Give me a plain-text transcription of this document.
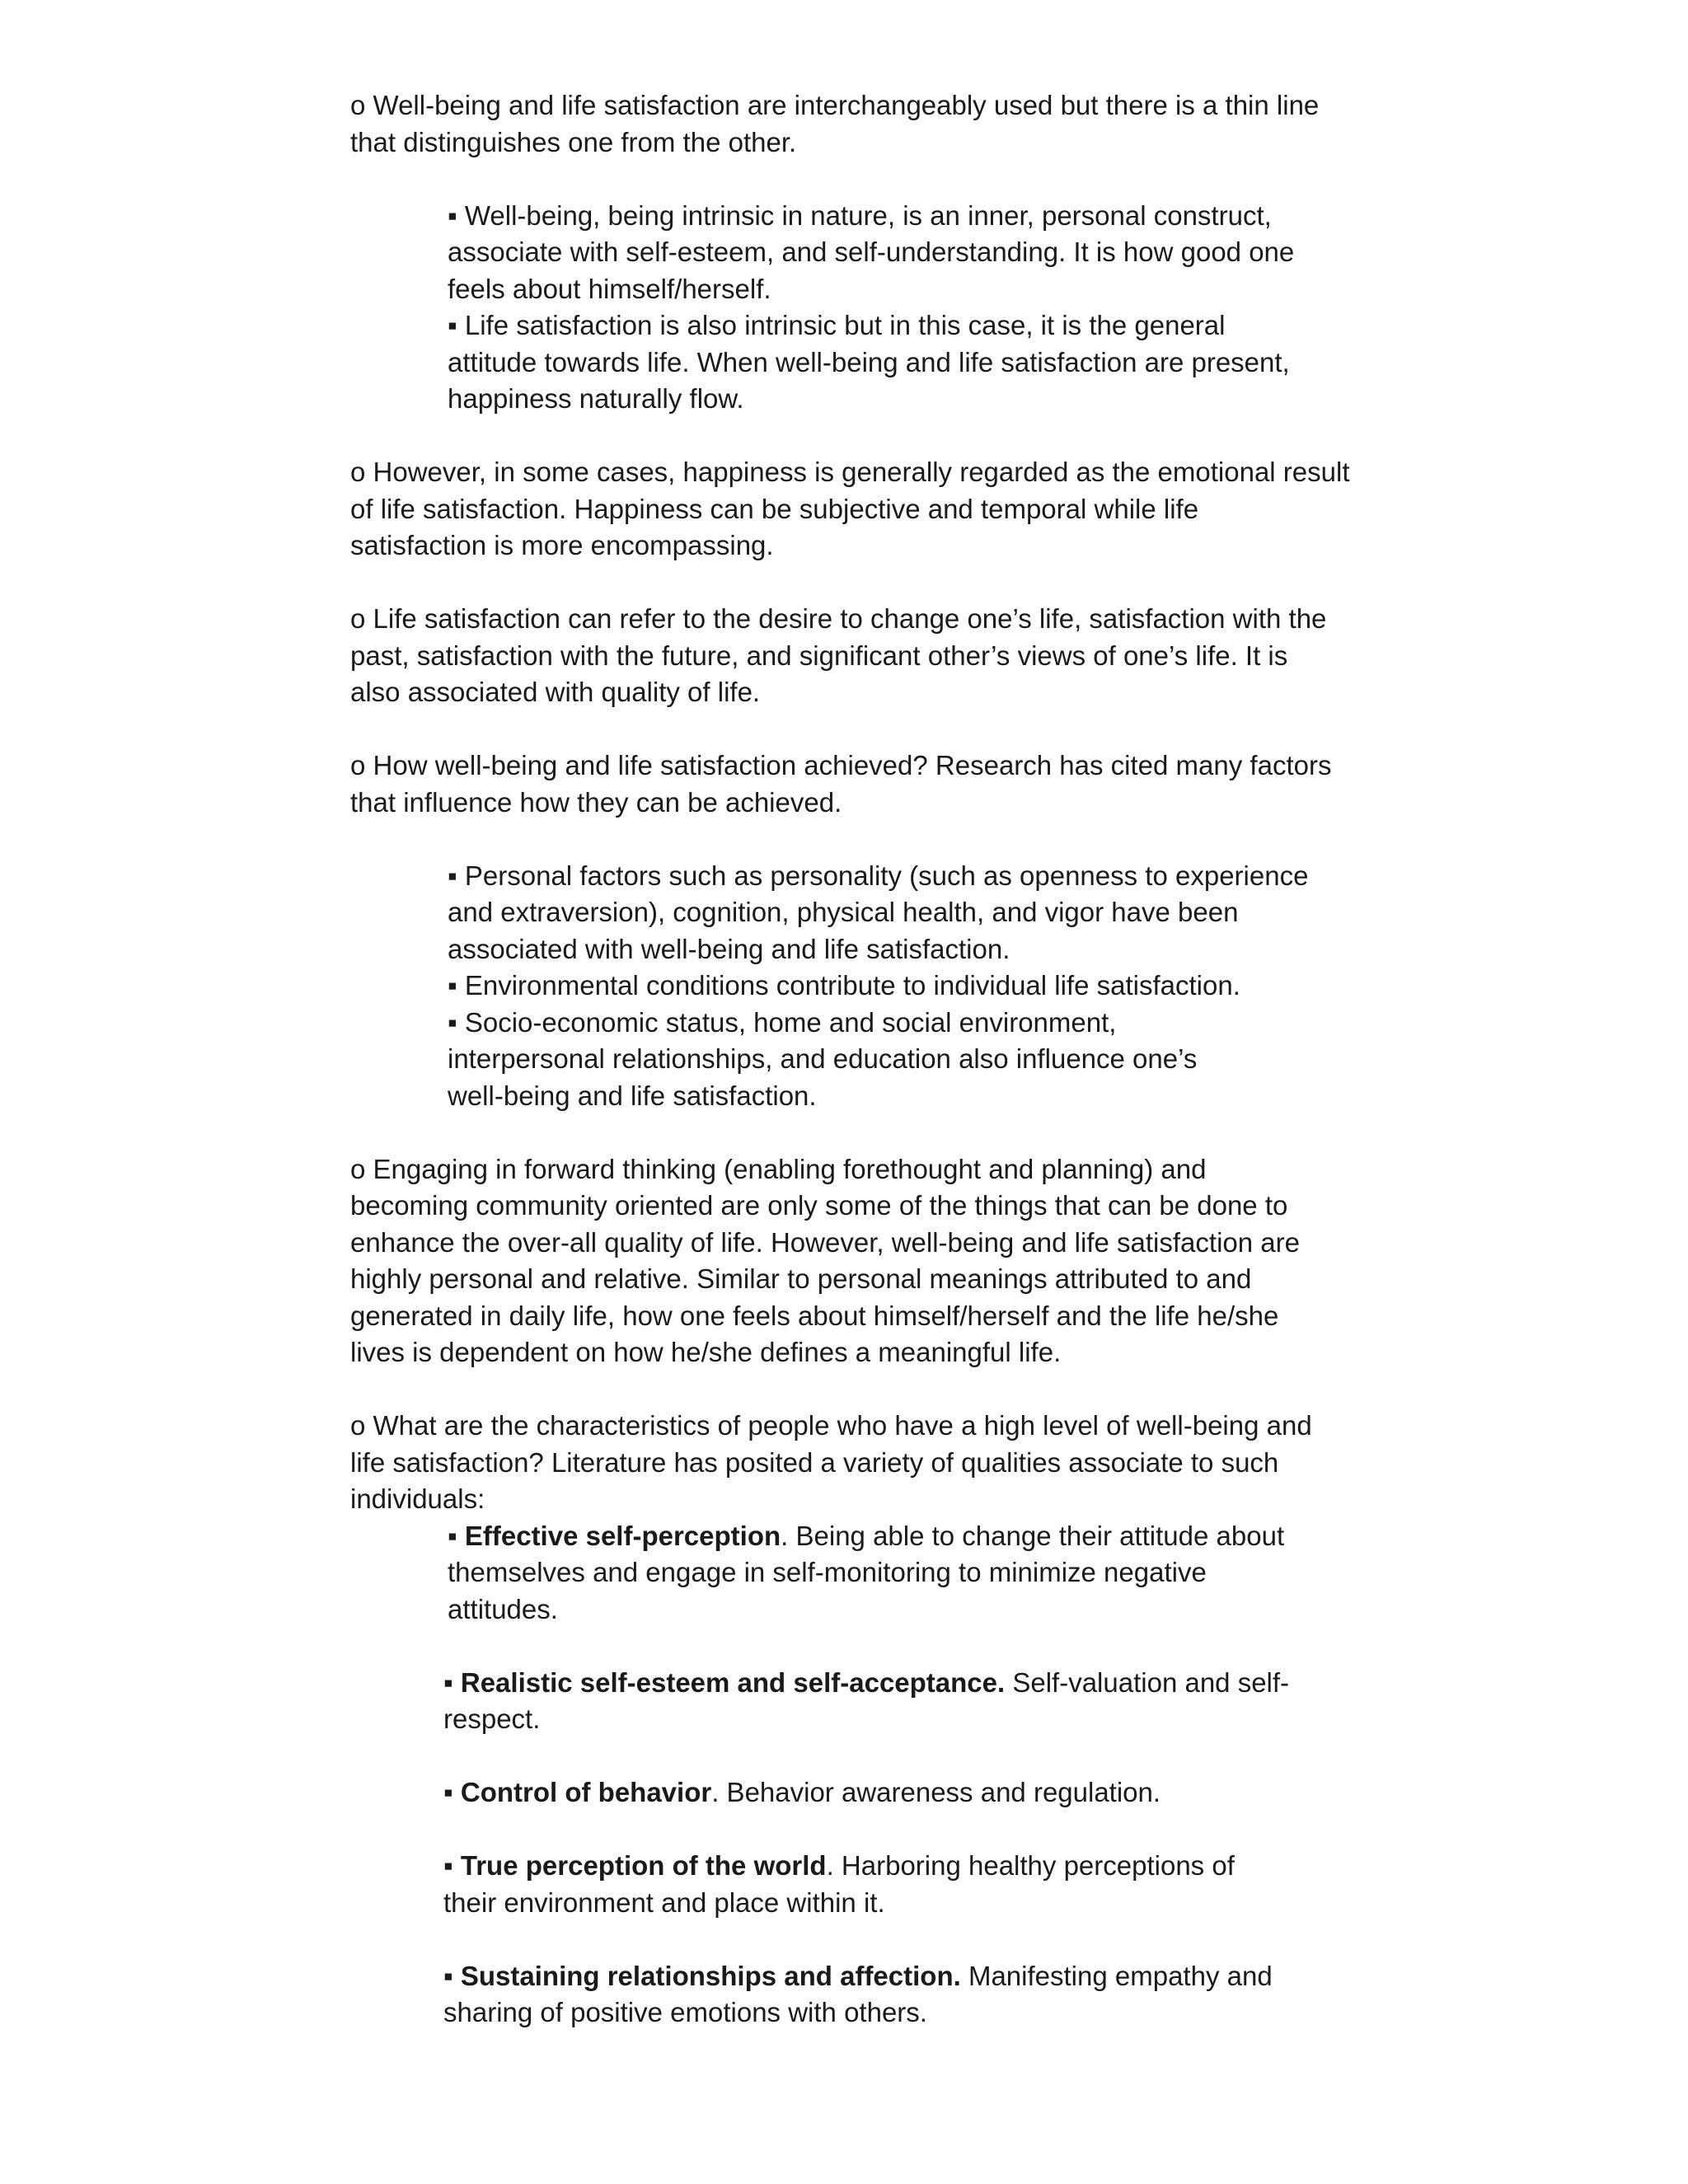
o Well-being and life satisfaction are interchangeably used but there is a thin line
that distinguishes one from the other.

▪ Well-being, being intrinsic in nature, is an inner, personal construct,
associate with self-esteem, and self-understanding. It is how good one
feels about himself/herself.
▪ Life satisfaction is also intrinsic but in this case, it is the general
attitude towards life. When well-being and life satisfaction are present,
happiness naturally flow.

o However, in some cases, happiness is generally regarded as the emotional result
of life satisfaction. Happiness can be subjective and temporal while life
satisfaction is more encompassing.

o Life satisfaction can refer to the desire to change one’s life, satisfaction with the
past, satisfaction with the future, and significant other’s views of one’s life. It is
also associated with quality of life.

o How well-being and life satisfaction achieved? Research has cited many factors
that influence how they can be achieved.

▪ Personal factors such as personality (such as openness to experience
and extraversion), cognition, physical health, and vigor have been
associated with well-being and life satisfaction.
▪ Environmental conditions contribute to individual life satisfaction.
▪ Socio-economic status, home and social environment,
interpersonal relationships, and education also influence one’s
well-being and life satisfaction.

o Engaging in forward thinking (enabling forethought and planning) and
becoming community oriented are only some of the things that can be done to
enhance the over-all quality of life. However, well-being and life satisfaction are
highly personal and relative. Similar to personal meanings attributed to and
generated in daily life, how one feels about himself/herself and the life he/she
lives is dependent on how he/she defines a meaningful life.

o What are the characteristics of people who have a high level of well-being and
life satisfaction? Literature has posited a variety of qualities associate to such
individuals:

▪ Effective self-perception. Being able to change their attitude about
themselves and engage in self-monitoring to minimize negative
attitudes.
▪ Realistic self-esteem and self-acceptance. Self-valuation and self-respect.
▪ Control of behavior. Behavior awareness and regulation.
▪ True perception of the world. Harboring healthy perceptions of
their environment and place within it.
▪ Sustaining relationships and affection. Manifesting empathy and
sharing of positive emotions with others.
